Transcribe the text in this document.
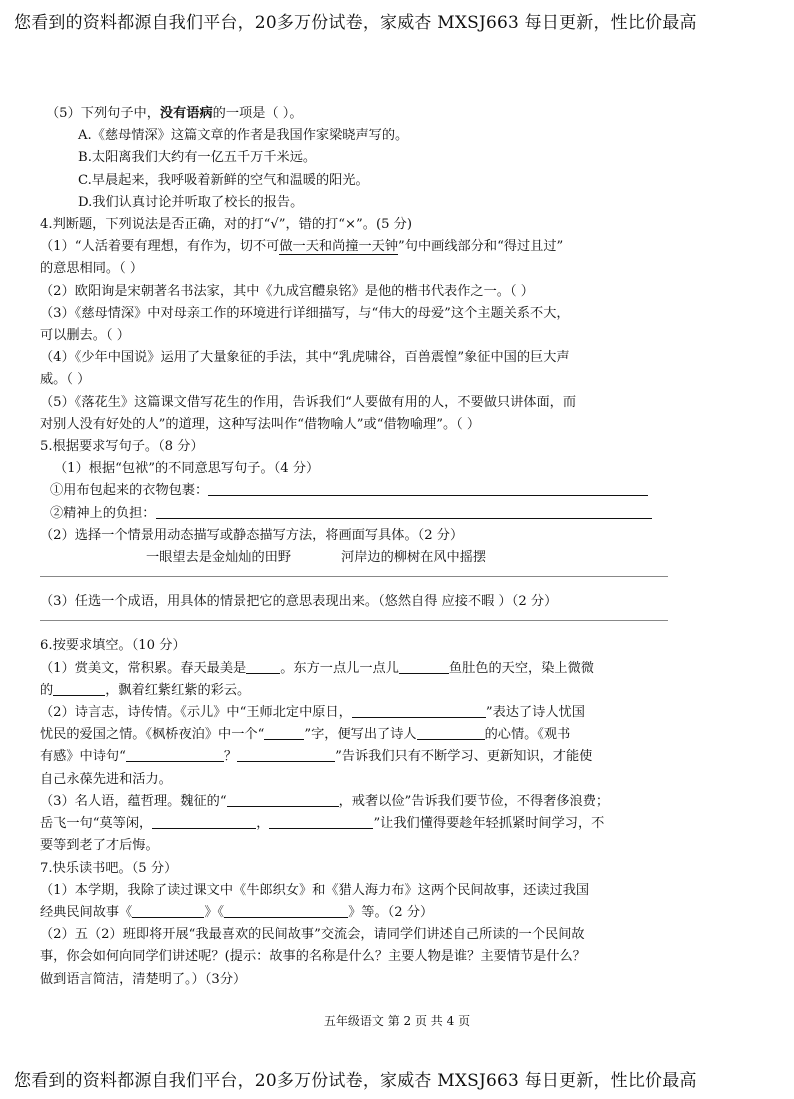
您看到的资料都源自我们平台，20多万份试卷，家威杏 MXSJ663 每日更新，性比价最高
（5）下列句子中，没有语病的一项是（ ）。
A.《慈母情深》这篇文章的作者是我国作家梁晓声写的。
B.太阳离我们大约有一亿五千万千米远。
C.早晨起来，我呼吸着新鲜的空气和温暖的阳光。
D.我们认真讨论并听取了校长的报告。
4.判断题，下列说法是否正确，对的打“√”，错的打“×”。(5 分)
（1）“人活着要有理想，有作为，切不可做一天和尚撞一天钟”句中画线部分和“得过且过”
的意思相同。（ ）
（2）欧阳询是宋朝著名书法家，其中《九成宫醴泉铭》是他的楷书代表作之一。（ ）
（3）《慈母情深》中对母亲工作的环境进行详细描写，与“伟大的母爱”这个主题关系不大，
可以删去。（ ）
（4）《少年中国说》运用了大量象征的手法，其中“乳虎啸谷，百兽震惶”象征中国的巨大声
威。（ ）
（5）《落花生》这篇课文借写花生的作用，告诉我们“人要做有用的人，不要做只讲体面，而
对别人没有好处的人”的道理，这种写法叫作“借物喻人”或“借物喻理”。（ ）
5.根据要求写句子。（8 分）
（1）根据“包袱”的不同意思写句子。（4 分）
①用布包起来的衣物包裹：
②精神上的负担：
（2）选择一个情景用动态描写或静态描写方法，将画面写具体。（2 分）
一眼望去是金灿灿的田野	河岸边的柳树在风中摇摆
（3）任选一个成语，用具体的情景把它的意思表现出来。（悠然自得 应接不暇 ）（2 分）
6.按要求填空。（10 分）
（1）赏美文，常积累。春天最美是	。东方一点儿一点儿	鱼肚色的天空，染上微微
的	，飘着红紫红紫的彩云。
（2）诗言志，诗传情。《示儿》中“王师北定中原日，	”表达了诗人忧国
忧民的爱国之情。《枫桥夜泊》中一个“	”字，便写出了诗人	的心情。《观书
有感》中诗句“	？	”告诉我们只有不断学习、更新知识，才能使
自己永葆先进和活力。
（3）名人语，蕴哲理。魏征的“	，戒奢以俭”告诉我们要节俭，不得奢侈浪费；
岳飞一句“莫等闲，	，	”让我们懂得要趁年轻抓紧时间学习，不
要等到老了才后悔。
7.快乐读书吧。（5 分）
（1）本学期，我除了读过课文中《牛郎织女》和《猎人海力布》这两个民间故事，还读过我国
经典民间故事《	》《	》等。（2 分）
（2）五（2）班即将开展“我最喜欢的民间故事”交流会，请同学们讲述自己所读的一个民间故
事，你会如何向同学们讲述呢？(提示：故事的名称是什么？主要人物是谁？主要情节是什么？
做到语言简洁，清楚明了。）（3分）
五年级语文 第 2 页 共 4 页
您看到的资料都源自我们平台，20多万份试卷，家威杏 MXSJ663 每日更新，性比价最高
